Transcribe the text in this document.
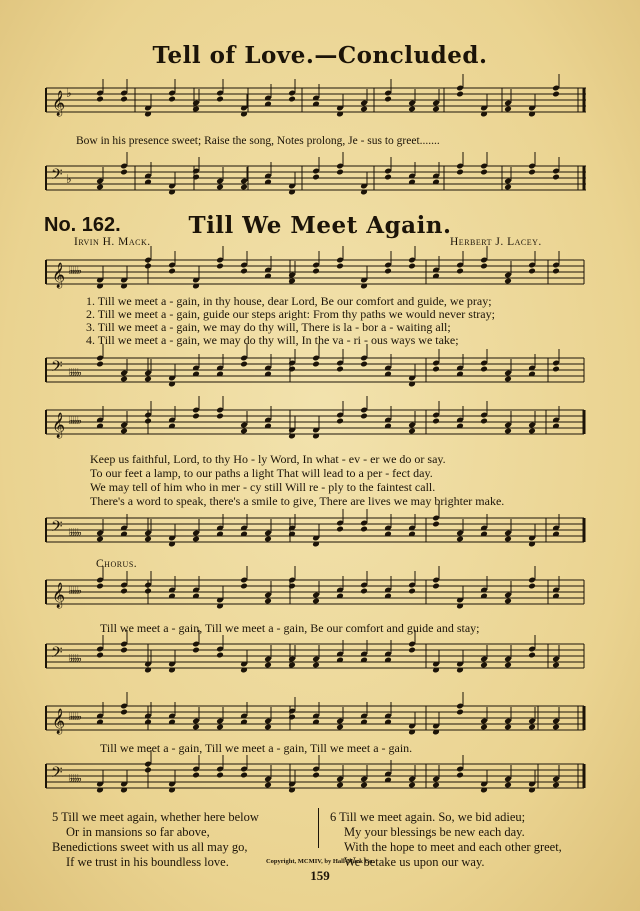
Tell of Love.—Concluded.
𝄞 ♭
Bow in his presence sweet; Raise the song, Notes prolong, Je - sus to greet.......
𝄢 ♭
No. 162.	Till We Meet Again.
Irvin H. Mack.	Herbert J. Lacey.
𝄞 ♭♭♭♭♭
1. Till we meet a - gain, in thy house, dear Lord, Be our comfort and guide, we pray;
2. Till we meet a - gain, guide our steps aright: From thy paths we would never stray;
3. Till we meet a - gain, we may do thy will, There is la - bor a - waiting all;
4. Till we meet a - gain, we may do thy will, In the va - ri - ous ways we take;
𝄢 ♭♭♭♭♭
𝄞 ♭♭♭♭♭
Keep us faithful, Lord, to thy Ho - ly Word, In what - ev - er we do or say.
To our feet a lamp, to our paths a light That will lead to a per - fect day.
We may tell of him who in mer - cy still Will re - ply to the faintest call.
There's a word to speak, there's a smile to give, There are lives we may brighter make.
𝄢 ♭♭♭♭♭
Chorus.
𝄞 ♭♭♭♭♭
Till we meet a - gain, Till we meet a - gain, Be our comfort and guide and stay;
𝄢 ♭♭♭♭♭
𝄞 ♭♭♭♭♭
Till we meet a - gain, Till we meet a - gain, Till we meet a - gain.
𝄢 ♭♭♭♭♭
5 Till we meet again, whether here below
Or in mansions so far above,
Benedictions sweet with us all may go,
If we trust in his boundless love.
6 Till we meet again. So, we bid adieu;
My your blessings be new each day.
With the hope to meet and each other greet,
We betake us upon our way.
Copyright, MCMIV, by Hall-Mack Co.
159
